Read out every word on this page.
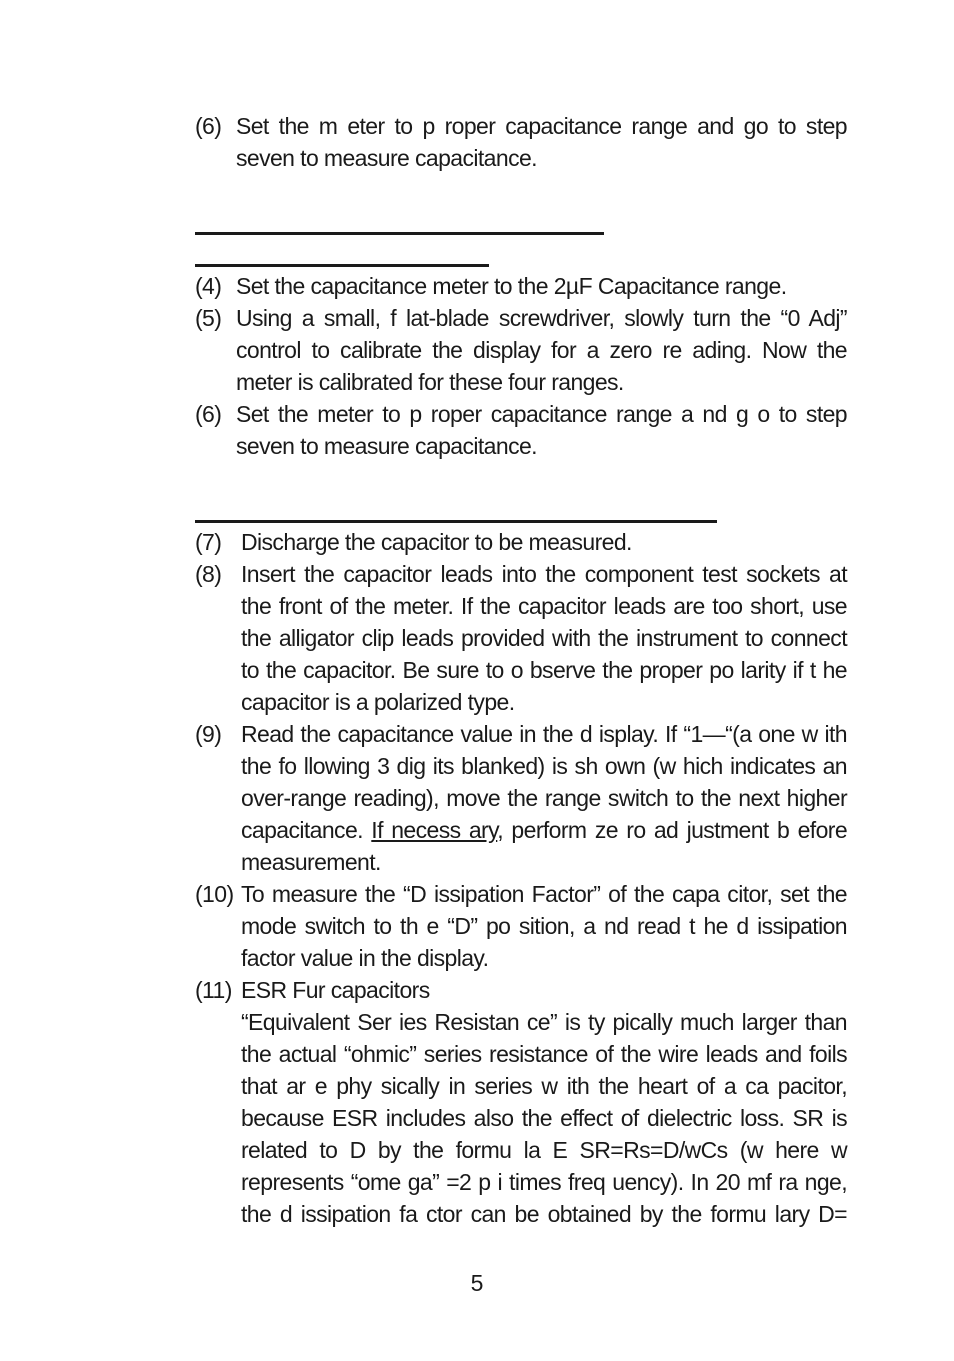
(6) Set the m eter to p roper capacitance range and go to step
seven to measure capacitance.
(4) Set the capacitance meter to the 2µF Capacitance range.
(5) Using a small, f lat-blade screwdriver, slowly turn the “0 Adj”
control to calibrate the display for a zero re ading. Now the
meter is calibrated for these four ranges.
(6) Set the meter to p roper capacitance range a nd g o to step
seven to measure capacitance.
(7) Discharge the capacitor to be measured.
(8) Insert the capacitor leads into the component test sockets at
the front of the meter. If the capacitor leads are too short, use
the alligator clip leads provided with the instrument to connect
to the capacitor. Be sure to o bserve the proper po larity if t he
capacitor is a polarized type.
(9) Read the capacitance value in the d isplay. If “1—“(a one w ith
the fo llowing 3 dig its blanked) is sh own (w hich indicates an
over-range reading), move the range switch to the next higher
capacitance. If necess ary, perform ze ro ad justment b efore
measurement.
(10) To measure the “D issipation Factor” of the capa citor, set the
mode switch to th e “D” po sition, a nd read t he d issipation
factor value in the display.
(11) ESR Fur capacitors
“Equivalent Ser ies Resistan ce” is ty pically much larger than
the actual “ohmic” series resistance of the wire leads and foils
that ar e phy sically in series w ith the heart of a ca pacitor,
because ESR includes also the effect of dielectric loss. SR is
related to D by the formu la E SR=Rs=D/wCs (w here w
represents “ome ga” =2 p i times freq uency). In 20 mf ra nge,
the d issipation fa ctor can be obtained by the formu lary D=
5
